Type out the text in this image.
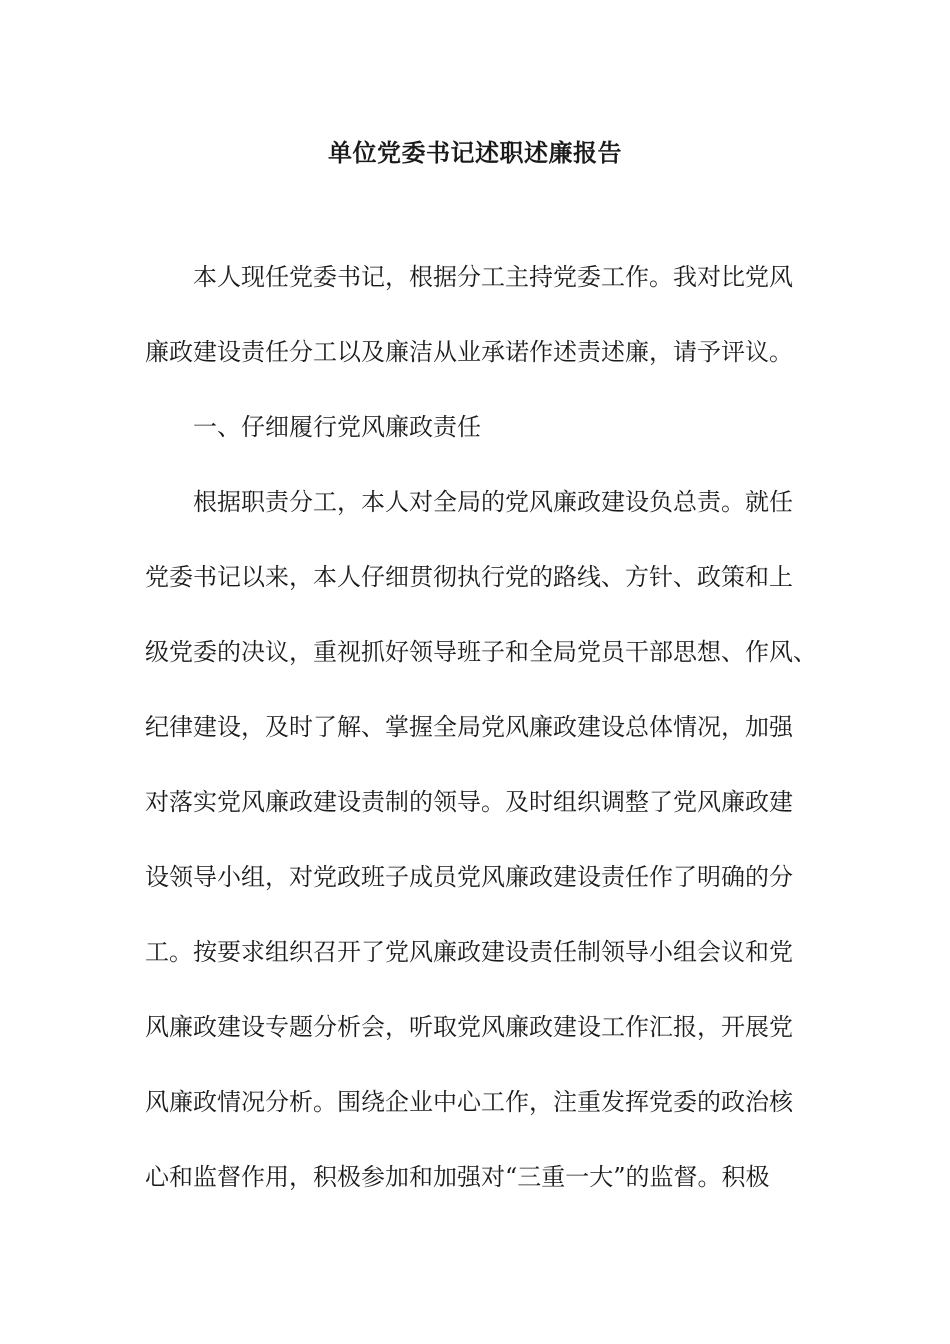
单位党委书记述职述廉报告
本人现任党委书记，根据分工主持党委工作。我对比党风
廉政建设责任分工以及廉洁从业承诺作述责述廉，请予评议。
一、仔细履行党风廉政责任
根据职责分工，本人对全局的党风廉政建设负总责。就任
党委书记以来，本人仔细贯彻执行党的路线、方针、政策和上
级党委的决议，重视抓好领导班子和全局党员干部思想、作风、
纪律建设，及时了解、掌握全局党风廉政建设总体情况，加强
对落实党风廉政建设责制的领导。及时组织调整了党风廉政建
设领导小组，对党政班子成员党风廉政建设责任作了明确的分
工。按要求组织召开了党风廉政建设责任制领导小组会议和党
风廉政建设专题分析会，听取党风廉政建设工作汇报，开展党
风廉政情况分析。围绕企业中心工作，注重发挥党委的政治核
心和监督作用，积极参加和加强对“三重一大”的监督。积极
